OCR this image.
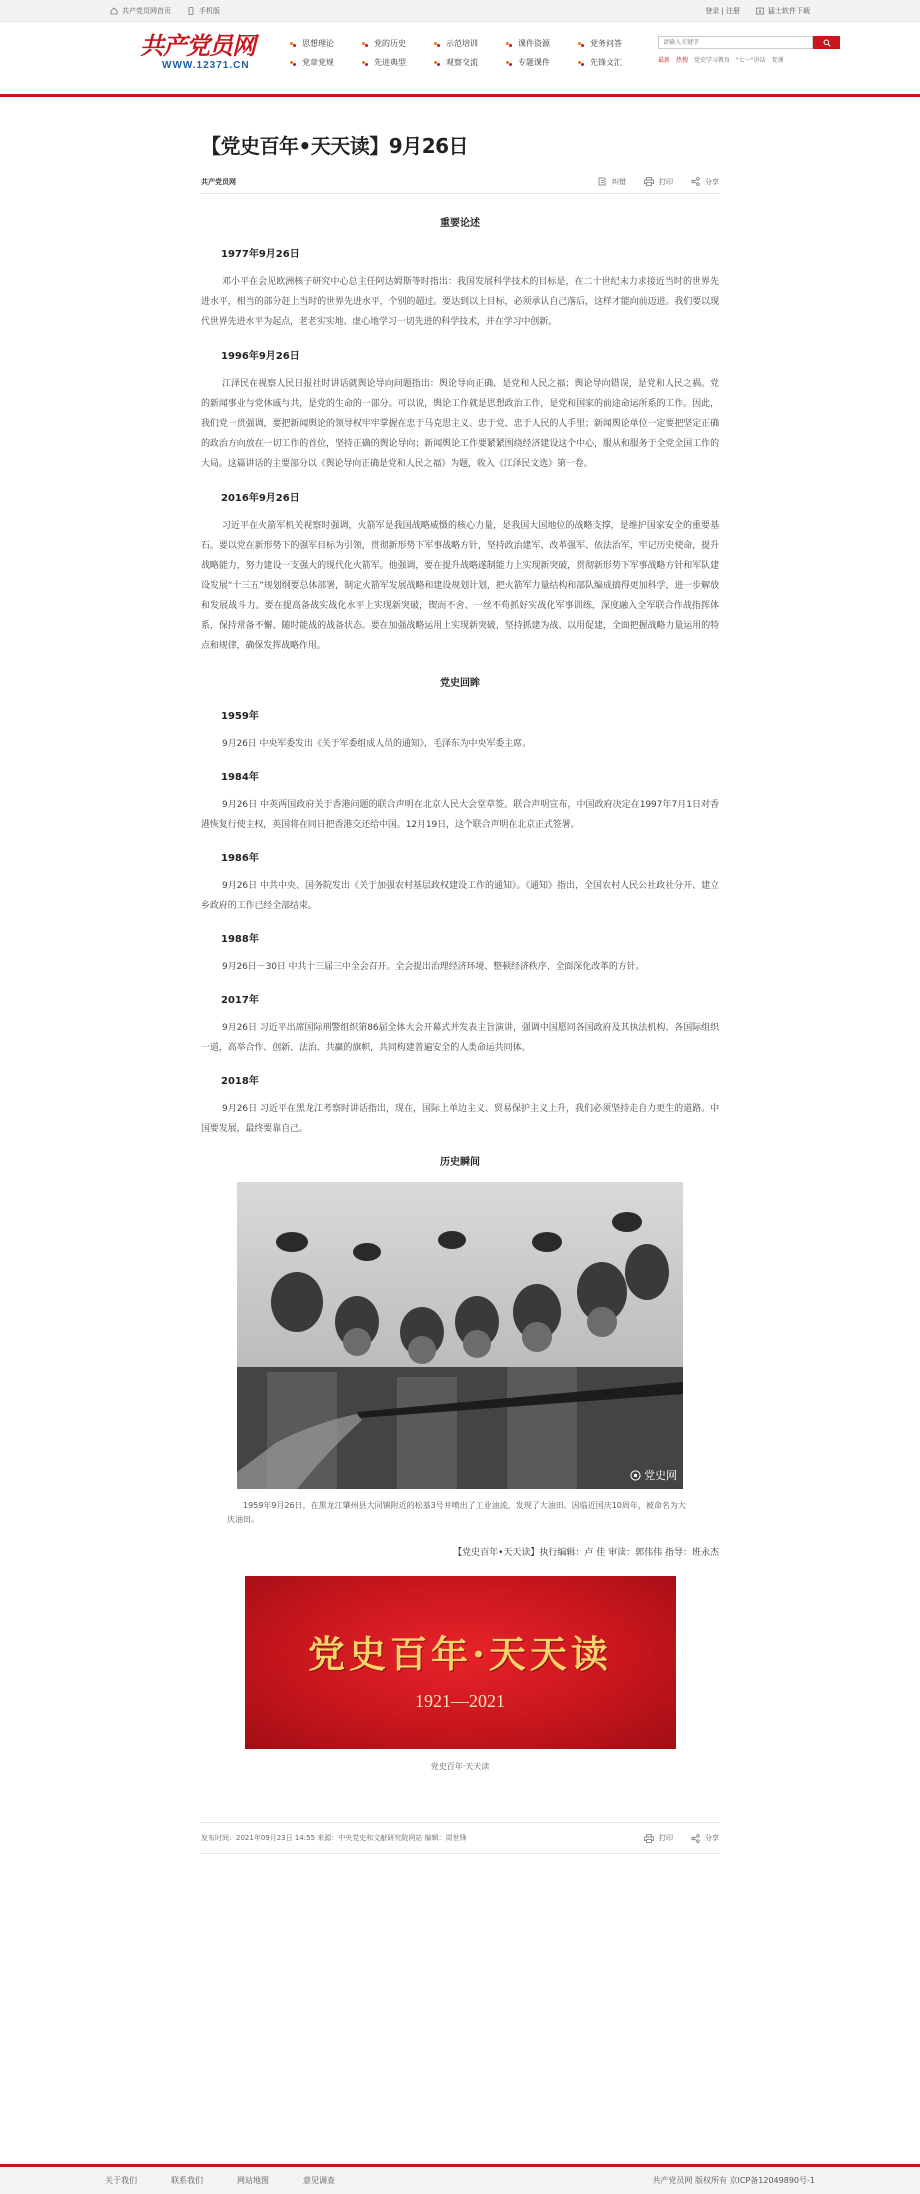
共产党员网首页	手机版	登录 | 注册	猛士软件下载
共产党员网
WWW.12371.CN
思想理论	党的历史	示范培训	课件资源	党务问答
党章党规	先进典型	观察交流	专题课件	先锋文汇
请输入关键字	最新 热搜 党史学习教育 "七一"讲话 党课
【党史百年•天天读】9月26日
共产党员网	纠错	打印	分享
重要论述
1977年9月26日

邓小平在会见欧洲核子研究中心总主任阿达姆斯等时指出：我国发展科学技术的目标是，在二十世纪末力求接近当时的世界先进水平，相当的部分赶上当时的世界先进水平，个别的超过。要达到以上目标，必须承认自己落后，这样才能向前迈进。我们要以现代世界先进水平为起点，老老实实地、虚心地学习一切先进的科学技术，并在学习中创新。

1996年9月26日

江泽民在视察人民日报社时讲话就舆论导向问题指出：舆论导向正确，是党和人民之福；舆论导向错误，是党和人民之祸。党的新闻事业与党休戚与共，是党的生命的一部分。可以说，舆论工作就是思想政治工作，是党和国家的前途命运所系的工作。因此，我们党一贯强调，要把新闻舆论的领导权牢牢掌握在忠于马克思主义、忠于党、忠于人民的人手里；新闻舆论单位一定要把坚定正确的政治方向放在一切工作的首位，坚持正确的舆论导向；新闻舆论工作要紧紧围绕经济建设这个中心，服从和服务于全党全国工作的大局。这篇讲话的主要部分以《舆论导向正确是党和人民之福》为题，收入《江泽民文选》第一卷。

2016年9月26日

习近平在火箭军机关视察时强调，火箭军是我国战略威慑的核心力量，是我国大国地位的战略支撑，是维护国家安全的重要基石。要以党在新形势下的强军目标为引领，贯彻新形势下军事战略方针，坚持政治建军、改革强军、依法治军，牢记历史使命，提升战略能力，努力建设一支强大的现代化火箭军。他强调，要在提升战略遂制能力上实现新突破，贯彻新形势下军事战略方针和军队建设发展“十三五”规划纲要总体部署，制定火箭军发展战略和建设规划计划，把火箭军力量结构和部队编成搞得更加科学，进一步解放和发展战斗力。要在提高备战实战化水平上实现新突破，锲而不舍、一丝不苟抓好实战化军事训练，深度融入全军联合作战指挥体系，保持常备不懈、随时能战的战备状态。要在加强战略运用上实现新突破，坚持抓建为战、以用促建，全面把握战略力量运用的特点和规律，确保发挥战略作用。

党史回眸
1959年

9月26日 中央军委发出《关于军委组成人员的通知》，毛泽东为中央军委主席。

1984年

9月26日 中英两国政府关于香港问题的联合声明在北京人民大会堂草签。联合声明宣布，中国政府决定在1997年7月1日对香港恢复行使主权，英国将在同日把香港交还给中国。12月19日，这个联合声明在北京正式签署。

1986年

9月26日 中共中央、国务院发出《关于加强农村基层政权建设工作的通知》。《通知》指出，全国农村人民公社政社分开、建立乡政府的工作已经全部结束。

1988年

9月26日－30日 中共十三届三中全会召开。全会提出治理经济环境、整顿经济秩序、全面深化改革的方针。

2017年

9月26日 习近平出席国际刑警组织第86届全体大会开幕式并发表主旨演讲，强调中国愿同各国政府及其执法机构、各国际组织一道，高举合作、创新、法治、共赢的旗帜，共同构建普遍安全的人类命运共同体。

2018年

9月26日 习近平在黑龙江考察时讲话指出，现在，国际上单边主义、贸易保护主义上升，我们必须坚持走自力更生的道路。中国要发展，最终要靠自己。

历史瞬间
党史网

1959年9月26日，在黑龙江肇州县大同镇附近的松基3号井喷出了工业油流，发现了大油田。因临近国庆10周年，被命名为大庆油田。

【党史百年•天天读】执行编辑：卢 佳 审读：郭伟伟 指导：班永杰
党史百年·天天读
1921—2021
党史百年·天天读
发布时间：2021年09月23日 14:55 来源：中央党史和文献研究院网站 编辑：周世锋	打印	分享
关于我们	联系我们	网站地图	意见调查	共产党员网 版权所有 京ICP备12049890号-1
